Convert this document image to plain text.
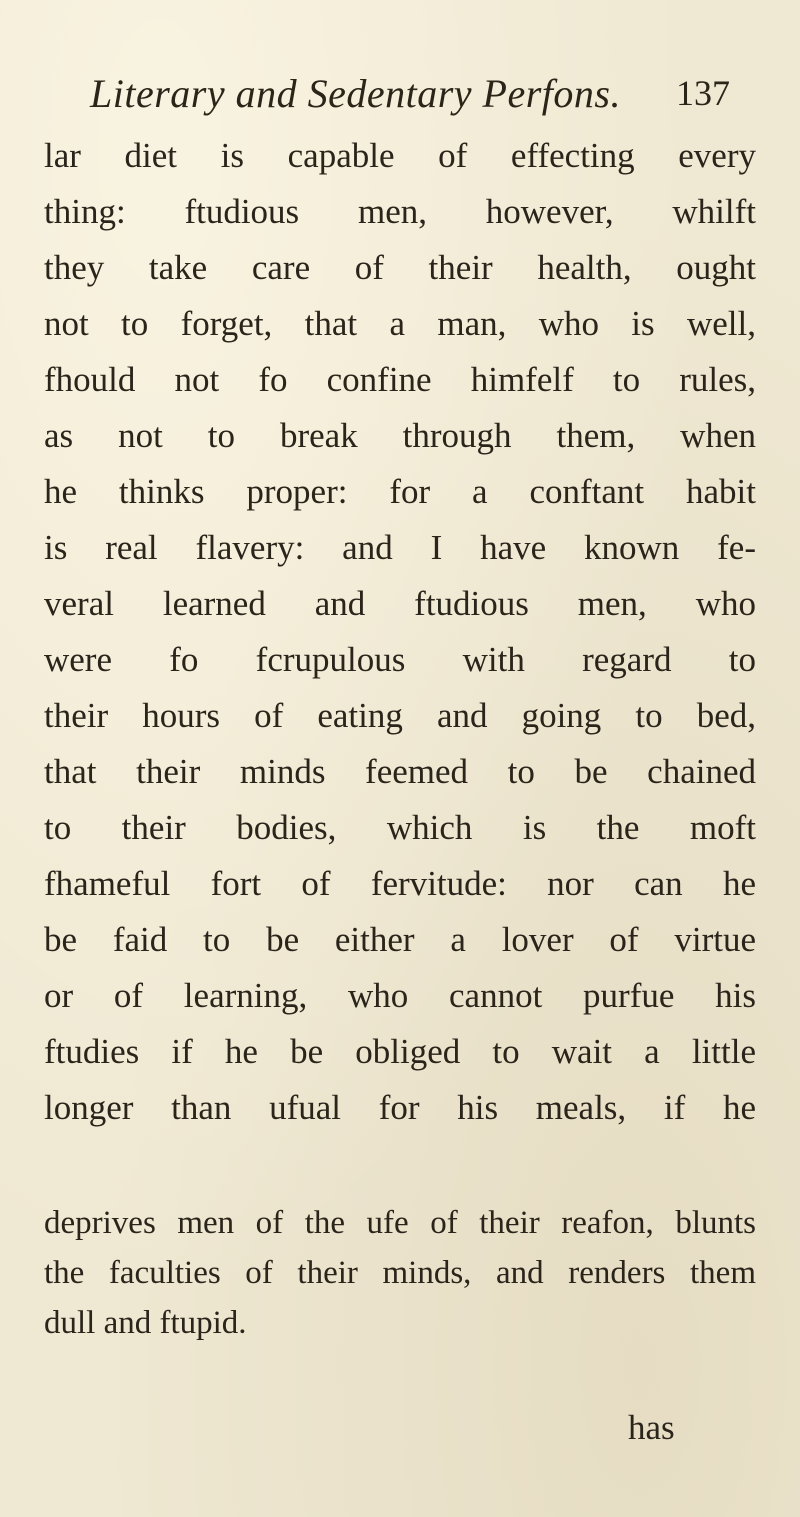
Literary and Sedentary Perfons. 137
lar diet is capable of effecting every
thing: ftudious men, however, whilft
they take care of their health, ought
not to forget, that a man, who is well,
fhould not fo confine himfelf to rules,
as not to break through them, when
he thinks proper: for a conftant habit
is real flavery: and I have known fe-
veral learned and ftudious men, who
were fo fcrupulous with regard to
their hours of eating and going to bed,
that their minds feemed to be chained
to their bodies, which is the moft
fhameful fort of fervitude: nor can he
be faid to be either a lover of virtue
or of learning, who cannot purfue his
ftudies if he be obliged to wait a little
longer than ufual for his meals, if he
deprives men of the ufe of their reafon, blunts
the faculties of their minds, and renders them
dull and ftupid.
has
